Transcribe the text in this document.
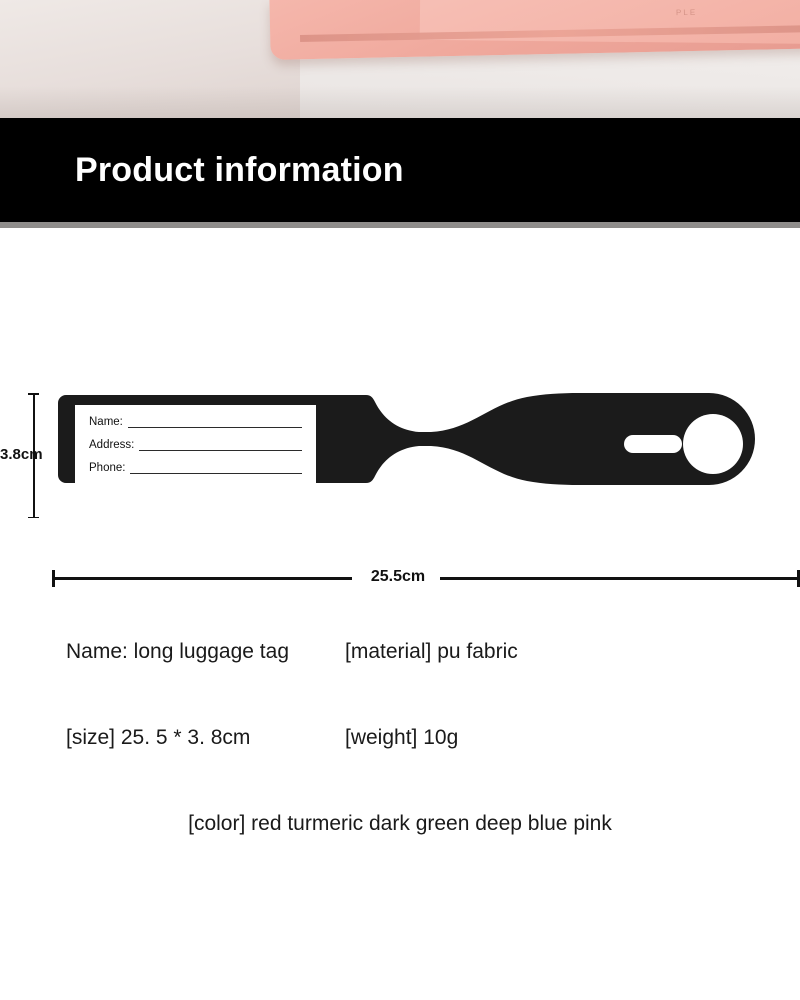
PLE
Product information
3.8cm
Name:
Address:
Phone:
25.5cm
Name: long luggage tag	[material] pu fabric
[size] 25. 5 * 3. 8cm	[weight] 10g
[color] red turmeric dark green deep blue pink
